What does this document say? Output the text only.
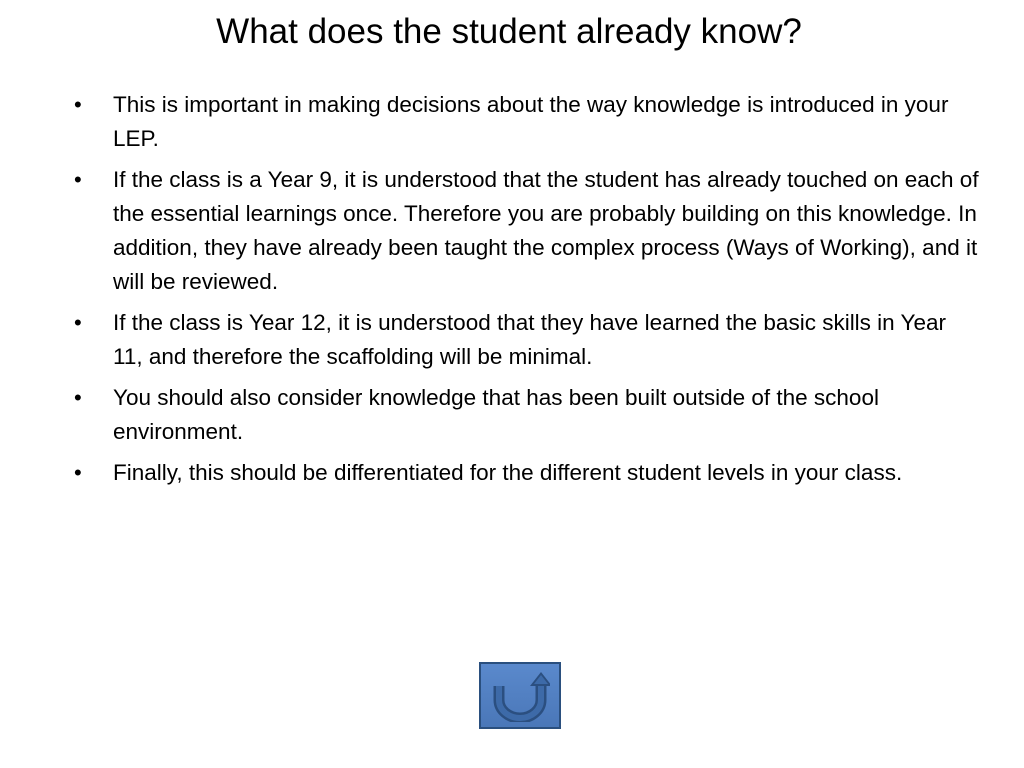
What does the student already know?
• This is important in making decisions about the way knowledge is introduced in your LEP.
• If the class is a Year 9, it is understood that the student has already touched on each of the essential learnings once. Therefore you are probably building on this knowledge. In addition, they have already been taught the complex process (Ways of Working), and it will be reviewed.
• If the class is Year 12, it is understood that they have learned the basic skills in Year 11, and therefore the scaffolding will be minimal.
• You should also consider knowledge that has been built outside of the school environment.
• Finally, this should be differentiated for the different student levels in your class.
